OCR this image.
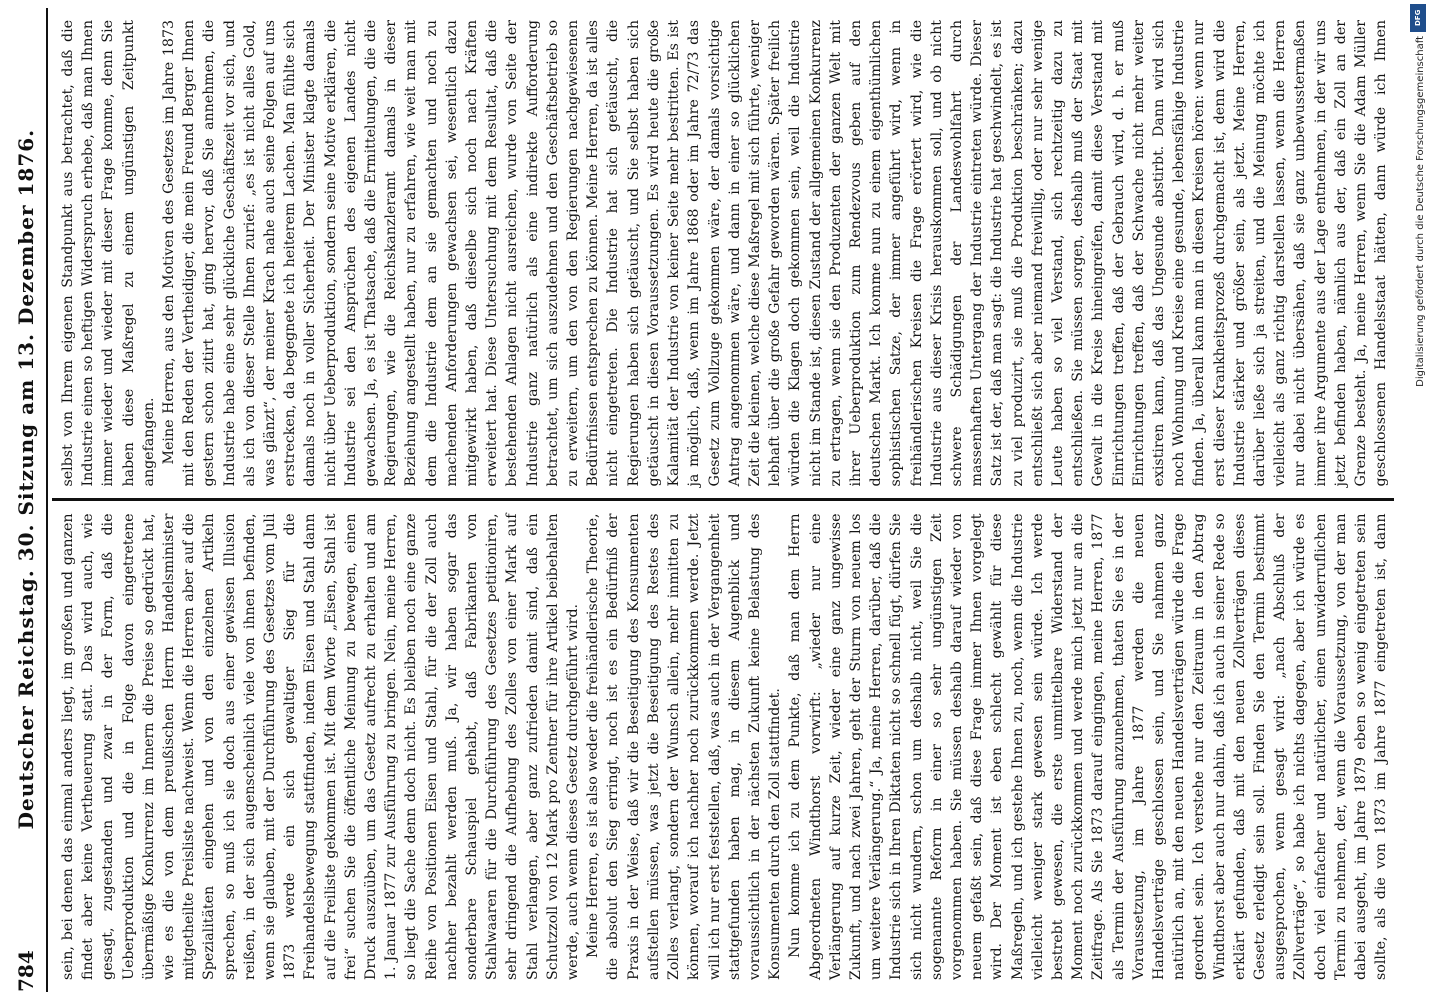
784
Deutscher Reichstag. 30. Sitzung am 13. Dezember 1876. sein, bei denen das einmal anders liegt, im großen und ganzen findet aber keine Vertheuerung statt. Das wird auch, wie gesagt, zugestanden und zwar in der Form, daß die Ueberproduktion und die in Folge davon eingetretene übermäßige Konkurrenz im Innern die Preise so gedrückt hat, wie es die von dem preußischen Herrn Handelsminister mitgetheilte Preisliste nachweist. Wenn die Herren aber auf die Spezialitäten eingehen und von den einzelnen Artikeln sprechen, so muß ich sie doch aus einer gewissen Illusion reißen, in der sich augenscheinlich viele von ihnen befinden, wenn sie glauben, mit der Durchführung des Gesetzes vom Juli 1873 werde ein sich gewaltiger Sieg für die Freihandelsbewegung stattfinden, indem Eisen und Stahl dann auf die Freiliste gekommen ist. Mit dem Worte „Eisen, Stahl ist frei“ suchen Sie die öffentliche Meinung zu bewegen, einen Druck auszuüben, um das Gesetz aufrecht zu erhalten und am 1. Januar 1877 zur Ausführung zu bringen. Nein, meine Herren, so liegt die Sache denn doch nicht. Es bleiben noch eine ganze Reihe von Positionen Eisen und Stahl, für die der Zoll auch nachher bezahlt werden muß. Ja, wir haben sogar das sonderbare Schauspiel gehabt, daß Fabrikanten von Stahlwaaren für die Durchführung des Gesetzes petitioniren, sehr dringend die Aufhebung des Zolles von einer Mark auf Stahl verlangen, aber ganz zufrieden damit sind, daß ein Schutzzoll von 12 Mark pro Zentner für ihre Artikel beibehalten werde, auch wenn dieses Gesetz durchgeführt wird. Meine Herren, es ist also weder die freihändlerische Theorie, die absolut den Sieg erringt, noch ist es ein Bedürfniß der Praxis in der Weise, daß wir die Beseitigung des Konsumenten aufstellen müssen, was jetzt die Beseitigung des Restes des Zolles verlangt, sondern der Wunsch allein, mehr inmitten zu können, worauf ich nachher noch zurückkommen werde. Jetzt will ich nur erst feststellen, daß, was auch in der Vergangenheit stattgefunden haben mag, in diesem Augenblick und voraussichtlich in der nächsten Zukunft keine Belastung des Konsumenten durch den Zoll stattfindet. Nun komme ich zu dem Punkte, daß man dem Herrn Abgeordneten Windthorst vorwirft: „wieder nur eine Verlängerung auf kurze Zeit, wieder eine ganz ungewisse Zukunft, und nach zwei Jahren, geht der Sturm von neuem los um weitere Verlängerung.“ Ja, meine Herren, darüber, daß die Industrie sich in Ihren Diktaten nicht so schnell fügt, dürfen Sie sich nicht wundern, schon um deshalb nicht, weil Sie die sogenannte Reform in einer so sehr ungünstigen Zeit vorgenommen haben. Sie müssen deshalb darauf wieder von neuem gefaßt sein, daß diese Frage immer Ihnen vorgelegt wird. Der Moment ist eben schlecht gewählt für diese Maßregeln, und ich gestehe Ihnen zu, noch, wenn die Industrie vielleicht weniger stark gewesen sein würde. Ich werde bestrebt gewesen, die erste unmittelbare Widerstand der Moment noch zurückkommen und werde mich jetzt nur an die Zeitfrage. Als Sie 1873 darauf eingingen, meine Herren, 1877 als Termin der Ausführung anzunehmen, thaten Sie es in der Voraussetzung, im Jahre 1877 werden die neuen Handelsverträge geschlossen sein, und Sie nahmen ganz natürlich an, mit den neuen Handelsverträgen würde die Frage geordnet sein. Ich verstehe nur den Zeitraum in den Abtrag Windthorst aber auch nur dahin, daß ich auch in seiner Rede so erklärt gefunden, daß mit den neuen Zollverträgen dieses Gesetz erledigt sein soll. Finden Sie den Termin bestimmt ausgesprochen, wenn gesagt wird: „nach Abschluß der Zollverträge“, so habe ich nichts dagegen, aber ich würde es doch viel einfacher und natürlicher, einen unwiderruflichen Termin zu nehmen, der, wenn die Voraussetzung, von der man dabei ausgeht, im Jahre 1879 eben so wenig eingetreten sein sollte, als die von 1873 im Jahre 1877 eingetreten ist, dann

selbst von Ihrem eigenen Standpunkt aus betrachtet, daß die Industrie einen so heftigen Widerspruch erhebe, daß man Ihnen immer wieder und wieder mit dieser Frage komme, denn Sie haben diese Maßregel zu einem ungünstigen Zeitpunkt angefangen. Meine Herren, aus den Motiven des Gesetzes im Jahre 1873 mit den Reden der Vertheidiger, die mein Freund Berger Ihnen gestern schon zitirt hat, ging hervor, daß Sie annehmen, die Industrie habe eine sehr glückliche Geschäftszeit vor sich, und als ich von dieser Stelle Ihnen zurief: „es ist nicht alles Gold, was glänzt“, der meiner Krach nahe auch seine Folgen auf uns erstrecken, da begegnete ich heiterem Lachen. Man fühlte sich damals noch in voller Sicherheit. Der Minister klagte damals nicht über Ueberproduktion, sondern seine Motive erklären, die Industrie sei den Ansprüchen des eigenen Landes nicht gewachsen. Ja, es ist Thatsache, daß die Ermittelungen, die die Regierungen, wie die Reichskanzleramt damals in dieser Beziehung angestellt haben, nur zu erfahren, wie weit man mit dem die Industrie dem an sie gemachten und noch zu machenden Anforderungen gewachsen sei, wesentlich dazu mitgewirkt haben, daß dieselbe sich noch nach Kräften erweitert hat. Diese Untersuchung mit dem Resultat, daß die bestehenden Anlagen nicht ausreichen, wurde von Seite der Industrie ganz natürlich als eine indirekte Aufforderung betrachtet, um sich auszudehnen und den Geschäftsbetrieb so zu erweitern, um den von den Regierungen nachgewiesenen Bedürfnissen entsprechen zu können. Meine Herren, da ist alles nicht eingetreten. Die Industrie hat sich getäuscht, die Regierungen haben sich getäuscht, und Sie selbst haben sich getäuscht in diesen Voraussetzungen. Es wird heute die große Kalamität der Industrie von keiner Seite mehr bestritten. Es ist ja möglich, daß, wenn im Jahre 1868 oder im Jahre 72/73 das Gesetz zum Vollzuge gekommen wäre, der damals vorsichtige Antrag angenommen wäre, und dann in einer so glücklichen Zeit die kleinen, welche diese Maßregel mit sich führte, weniger lebhaft über die große Gefahr geworden wären. Später freilich würden die Klagen doch gekommen sein, weil die Industrie nicht im Stande ist, diesen Zustand der allgemeinen Konkurrenz zu ertragen, wenn sie den Produzenten der ganzen Welt mit ihrer Ueberproduktion zum Rendezvous geben auf den deutschen Markt. Ich komme nun zu einem eigenthümlichen sophistischen Satze, der immer angeführt wird, wenn in freihändlerischen Kreisen die Frage erörtert wird, wie die Industrie aus dieser Krisis herauskommen soll, und ob nicht schwere Schädigungen der Landeswohlfahrt durch massenhaften Untergang der Industrie eintreten würde. Dieser Satz ist der, daß man sagt: die Industrie hat geschwindelt, es ist zu viel produzirt, sie muß die Produktion beschränken; dazu entschließt sich aber niemand freiwillig, oder nur sehr wenige Leute haben so viel Verstand, sich rechtzeitig dazu zu entschließen. Sie müssen sorgen, deshalb muß der Staat mit Gewalt in die Kreise hineingreifen, damit diese Verstand mit Einrichtungen treffen, daß der Gebrauch wird, d. h. er muß Einrichtungen treffen, daß der Schwache nicht mehr weiter existiren kann, daß das Ungesunde abstirbt. Dann wird sich noch Wohnung und Kreise eine gesunde, lebensfähige Industrie finden. Ja, überall kann man in diesen Kreisen hören: wenn nur erst dieser Krankheitsprozeß durchgemacht ist, denn wird die Industrie stärker und größer sein, als jetzt. Meine Herren, darüber ließe sich ja streiten, und die Meinung möchte ich vielleicht als ganz richtig darstellen lassen, wenn die Herren nur dabei nicht übersähen, daß sie ganz unbewusstermaßen immer ihre Argumente aus der Lage entnehmen, in der wir uns jetzt befinden haben, nämlich aus der, daß ein Zoll an der Grenze besteht. Ja, meine Herren, wenn Sie die Adam Müller geschlossenen Handelsstaat hätten, dann würde ich Ihnen

DFG
Digitalisierung gefördert durch die Deutsche Forschungsgemeinschaft
